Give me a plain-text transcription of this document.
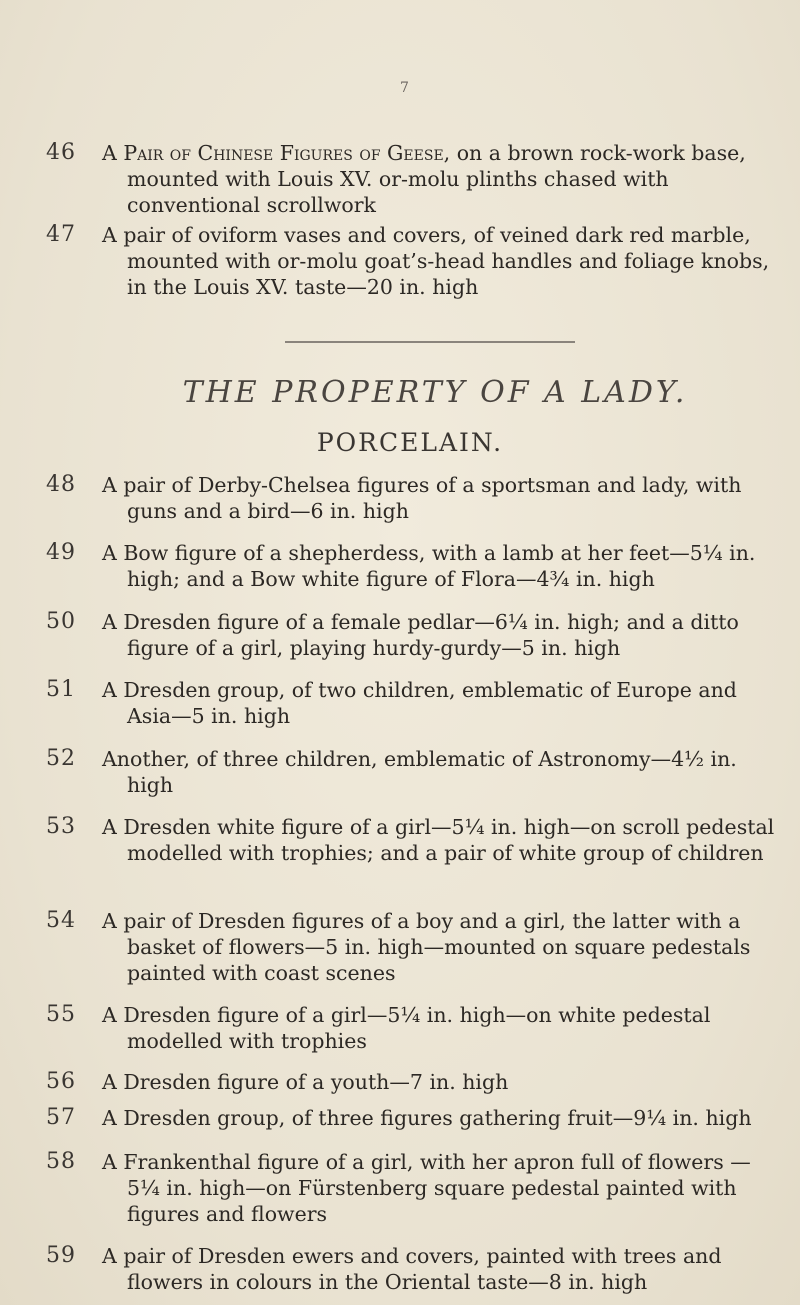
7
46	A Pair of Chinese Figures of Geese, on a brown rock-work base, mounted with Louis XV. or-molu plinths chased with conventional scrollwork
47	A pair of oviform vases and covers, of veined dark red marble, mounted with or-molu goat’s-head handles and foliage knobs, in the Louis XV. taste—20 in. high
THE PROPERTY OF A LADY.
PORCELAIN.
48	A pair of Derby-Chelsea figures of a sportsman and lady, with guns and a bird—6 in. high
49	A Bow figure of a shepherdess, with a lamb at her feet—5¼ in. high; and a Bow white figure of Flora—4¾ in. high
50	A Dresden figure of a female pedlar—6¼ in. high; and a ditto figure of a girl, playing hurdy-gurdy—5 in. high
51	A Dresden group, of two children, emblematic of Europe and Asia—5 in. high
52	Another, of three children, emblematic of Astronomy—4½ in. high
53	A Dresden white figure of a girl—5¼ in. high—on scroll pedestal modelled with trophies; and a pair of white group of children
54	A pair of Dresden figures of a boy and a girl, the latter with a basket of flowers—5 in. high—mounted on square pedestals painted with coast scenes
55	A Dresden figure of a girl—5¼ in. high—on white pedestal modelled with trophies
56	A Dresden figure of a youth—7 in. high
57	A Dresden group, of three figures gathering fruit—9¼ in. high
58	A Frankenthal figure of a girl, with her apron full of flowers —5¼ in. high—on Fürstenberg square pedestal painted with figures and flowers
59	A pair of Dresden ewers and covers, painted with trees and flowers in colours in the Oriental taste—8 in. high
